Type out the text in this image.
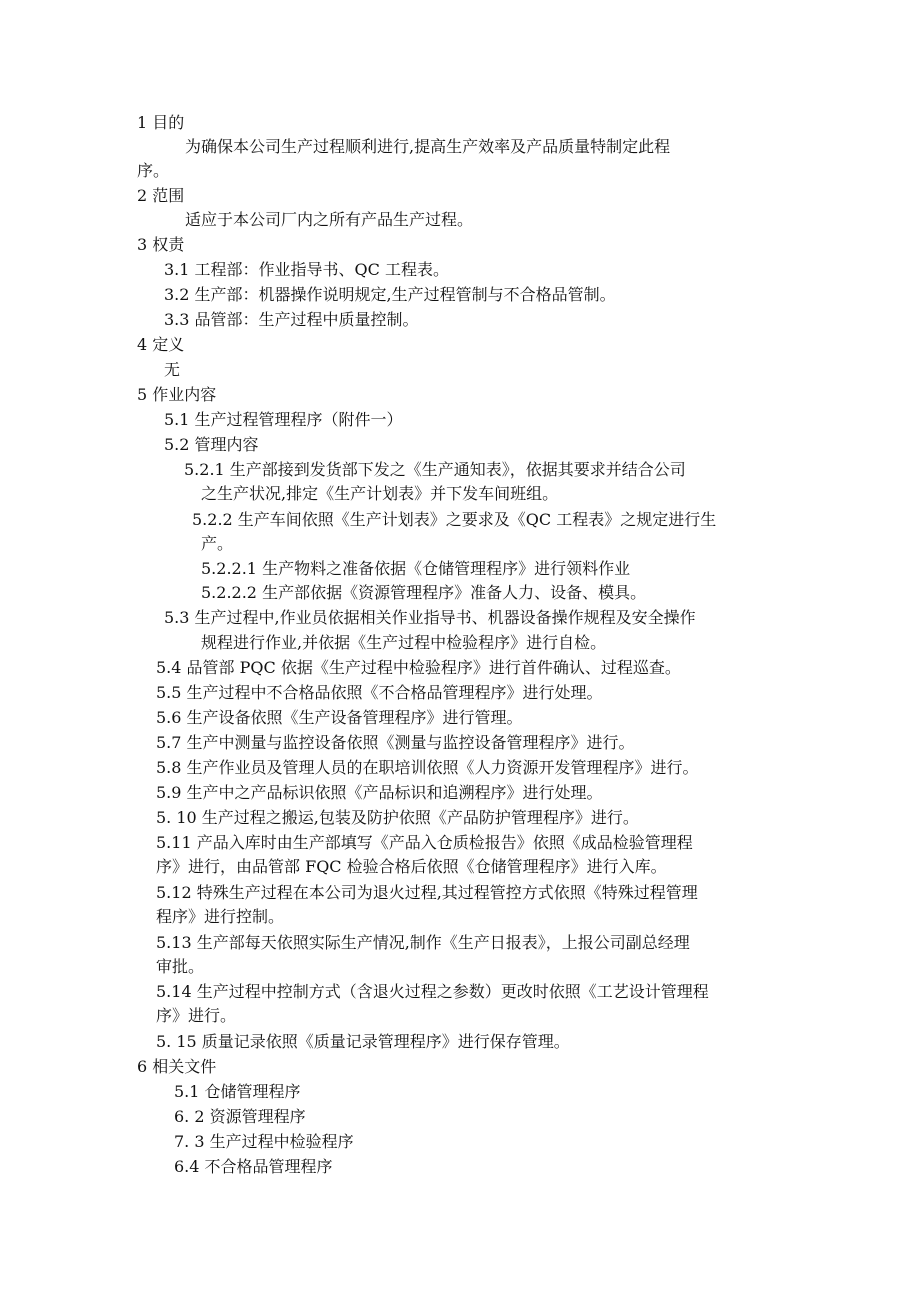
1 目的
为确保本公司生产过程顺利进行,提高生产效率及产品质量特制定此程
序。
2 范围
适应于本公司厂内之所有产品生产过程。
3 权责
3.1 工程部：作业指导书、QC 工程表。
3.2 生产部：机器操作说明规定,生产过程管制与不合格品管制。
3.3 品管部：生产过程中质量控制。
4 定义
无
5 作业内容
5.1 生产过程管理程序（附件一）
5.2 管理内容
5.2.1 生产部接到发货部下发之《生产通知表》，依据其要求并结合公司
之生产状况,排定《生产计划表》并下发车间班组。
5.2.2 生产车间依照《生产计划表》之要求及《QC 工程表》之规定进行生
产。
5.2.2.1 生产物料之准备依据《仓储管理程序》进行领料作业
5.2.2.2 生产部依据《资源管理程序》准备人力、设备、模具。
5.3 生产过程中,作业员依据相关作业指导书、机器设备操作规程及安全操作
规程进行作业,并依据《生产过程中检验程序》进行自检。
5.4 品管部 PQC 依据《生产过程中检验程序》进行首件确认、过程巡查。
5.5 生产过程中不合格品依照《不合格品管理程序》进行处理。
5.6 生产设备依照《生产设备管理程序》进行管理。
5.7 生产中测量与监控设备依照《测量与监控设备管理程序》进行。
5.8 生产作业员及管理人员的在职培训依照《人力资源开发管理程序》进行。
5.9 生产中之产品标识依照《产品标识和追溯程序》进行处理。
5. 10 生产过程之搬运,包装及防护依照《产品防护管理程序》进行。
5.11 产品入库时由生产部填写《产品入仓质检报告》依照《成品检验管理程
序》进行，由品管部 FQC 检验合格后依照《仓储管理程序》进行入库。
5.12 特殊生产过程在本公司为退火过程,其过程管控方式依照《特殊过程管理
程序》进行控制。
5.13 生产部每天依照实际生产情况,制作《生产日报表》，上报公司副总经理
审批。
5.14 生产过程中控制方式（含退火过程之参数）更改时依照《工艺设计管理程
序》进行。
5. 15 质量记录依照《质量记录管理程序》进行保存管理。
6 相关文件
5.1 仓储管理程序
6. 2 资源管理程序
7. 3 生产过程中检验程序
6.4 不合格品管理程序
